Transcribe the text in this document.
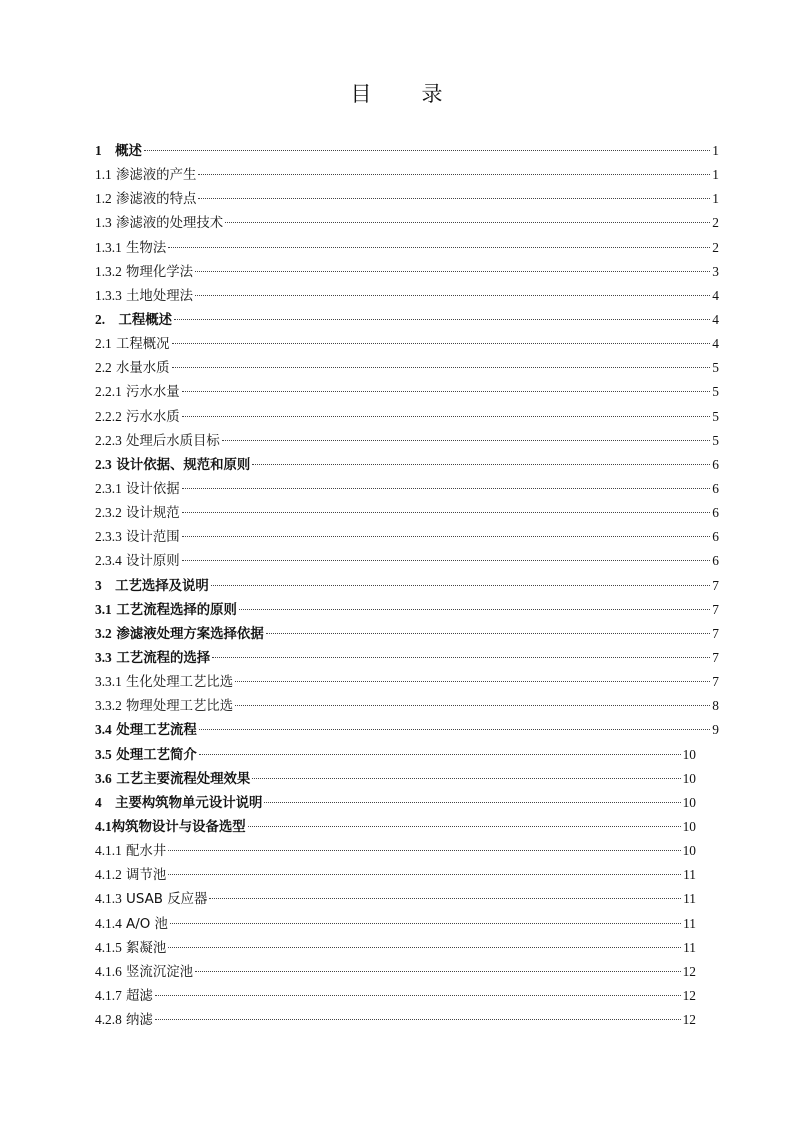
目 录
1　 概述	1
1.1 渗滤液的产生	1
1.2 渗滤液的特点	1
1.3 渗滤液的处理技术	2
1.3.1 生物法	2
1.3.2 物理化学法	3
1.3.3 土地处理法	4
2.　 工程概述	4
2.1 工程概况	4
2.2 水量水质	5
2.2.1 污水水量	5
2.2.2 污水水质	5
2.2.3 处理后水质目标	5
2.3 设计依据、规范和原则	6
2.3.1 设计依据	6
2.3.2 设计规范	6
2.3.3 设计范围	6
2.3.4 设计原则	6
3　 工艺选择及说明	7
3.1 工艺流程选择的原则	7
3.2 渗滤液处理方案选择依据	7
3.3 工艺流程的选择	7
3.3.1 生化处理工艺比选	7
3.3.2 物理处理工艺比选	8
3.4 处理工艺流程	9
3.5 处理工艺简介	10
3.6 工艺主要流程处理效果	10
4　 主要构筑物单元设计说明	10
4.1构筑物设计与设备选型	10
4.1.1 配水井	10
4.1.2 调节池	11
4.1.3 USAB 反应器	11
4.1.4 A/O 池	11
4.1.5 絮凝池	11
4.1.6 竖流沉淀池	12
4.1.7 超滤	12
4.2.8 纳滤	12
